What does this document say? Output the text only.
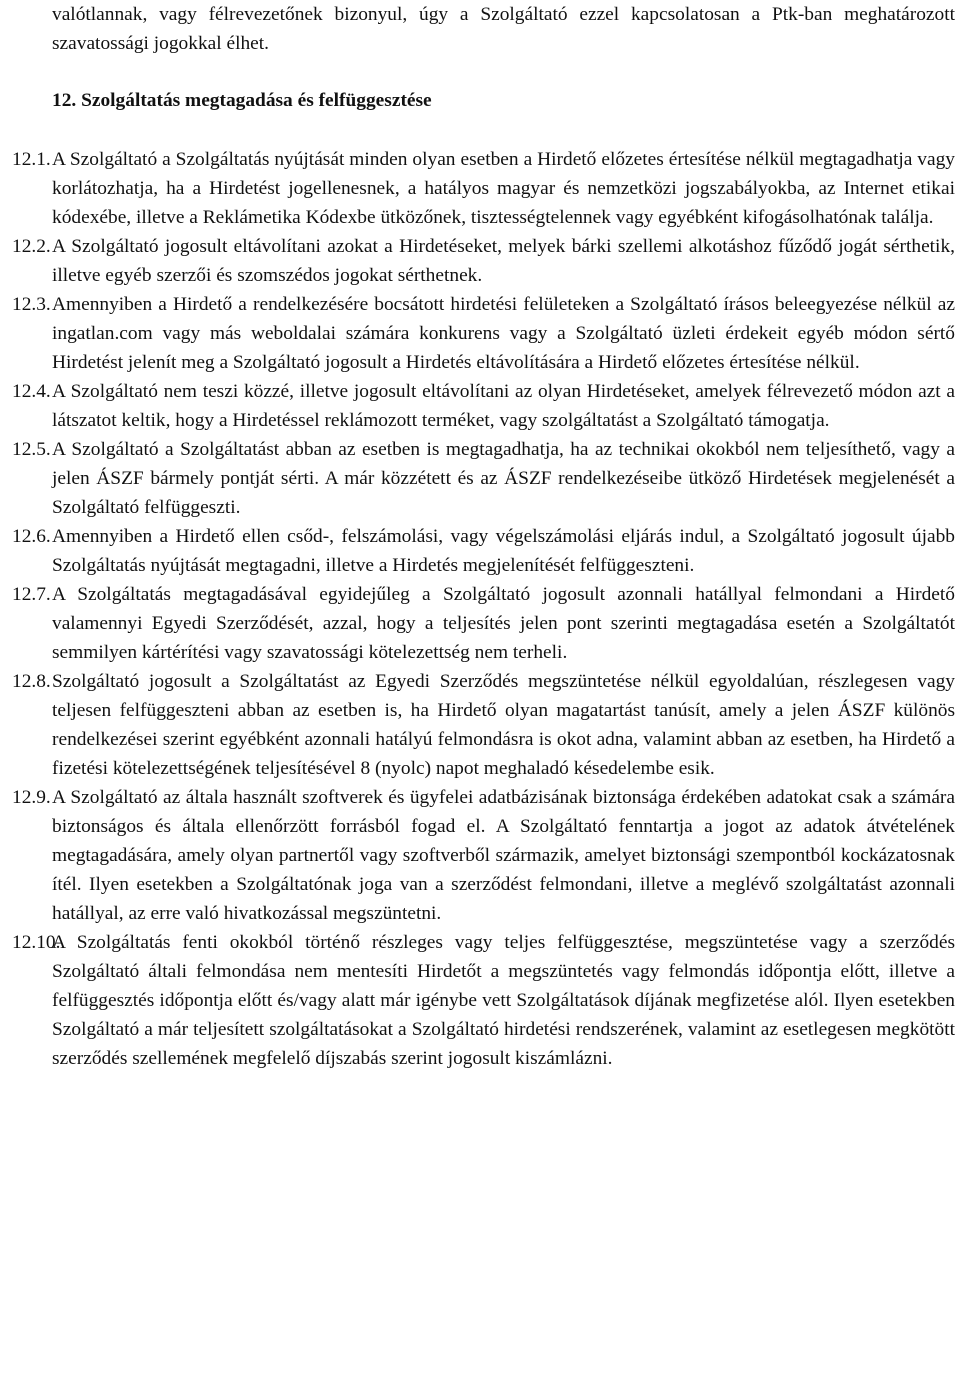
valótlannak, vagy félrevezetőnek bizonyul, úgy a Szolgáltató ezzel kapcsolatosan a Ptk-ban meghatározott szavatossági jogokkal élhet.
12. Szolgáltatás megtagadása és felfüggesztése
12.1. A Szolgáltató a Szolgáltatás nyújtását minden olyan esetben a Hirdető előzetes értesítése nélkül megtagadhatja vagy korlátozhatja, ha a Hirdetést jogellenesnek, a hatályos magyar és nemzetközi jogszabályokba, az Internet etikai kódexébe, illetve a Reklámetika Kódexbe ütközőnek, tisztességtelennek vagy egyébként kifogásolhatónak találja.
12.2. A Szolgáltató jogosult eltávolítani azokat a Hirdetéseket, melyek bárki szellemi alkotáshoz fűződő jogát sérthetik, illetve egyéb szerzői és szomszédos jogokat sérthetnek.
12.3. Amennyiben a Hirdető a rendelkezésére bocsátott hirdetési felületeken a Szolgáltató írásos beleegyezése nélkül az ingatlan.com vagy más weboldalai számára konkurens vagy a Szolgáltató üzleti érdekeit egyéb módon sértő Hirdetést jelenít meg a Szolgáltató jogosult a Hirdetés eltávolítására a Hirdető előzetes értesítése nélkül.
12.4. A Szolgáltató nem teszi közzé, illetve jogosult eltávolítani az olyan Hirdetéseket, amelyek félrevezető módon azt a látszatot keltik, hogy a Hirdetéssel reklámozott terméket, vagy szolgáltatást a Szolgáltató támogatja.
12.5. A Szolgáltató a Szolgáltatást abban az esetben is megtagadhatja, ha az technikai okokból nem teljesíthető, vagy a jelen ÁSZF bármely pontját sérti. A már közzétett és az ÁSZF rendelkezéseibe ütköző Hirdetések megjelenését a Szolgáltató felfüggeszti.
12.6. Amennyiben a Hirdető ellen csőd-, felszámolási, vagy végelszámolási eljárás indul, a Szolgáltató jogosult újabb Szolgáltatás nyújtását megtagadni, illetve a Hirdetés megjelenítését felfüggeszteni.
12.7. A Szolgáltatás megtagadásával egyidejűleg a Szolgáltató jogosult azonnali hatállyal felmondani a Hirdető valamennyi Egyedi Szerződését, azzal, hogy a teljesítés jelen pont szerinti megtagadása esetén a Szolgáltatót semmilyen kártérítési vagy szavatossági kötelezettség nem terheli.
12.8. Szolgáltató jogosult a Szolgáltatást az Egyedi Szerződés megszüntetése nélkül egyoldalúan, részlegesen vagy teljesen felfüggeszteni abban az esetben is, ha Hirdető olyan magatartást tanúsít, amely a jelen ÁSZF különös rendelkezései szerint egyébként azonnali hatályú felmondásra is okot adna, valamint abban az esetben, ha Hirdető a fizetési kötelezettségének teljesítésével 8 (nyolc) napot meghaladó késedelembe esik.
12.9. A Szolgáltató az általa használt szoftverek és ügyfelei adatbázisának biztonsága érdekében adatokat csak a számára biztonságos és általa ellenőrzött forrásból fogad el. A Szolgáltató fenntartja a jogot az adatok átvételének megtagadására, amely olyan partnertől vagy szoftverből származik, amelyet biztonsági szempontból kockázatosnak ítél. Ilyen esetekben a Szolgáltatónak joga van a szerződést felmondani, illetve a meglévő szolgáltatást azonnali hatállyal, az erre való hivatkozással megszüntetni.
12.10.
A Szolgáltatás fenti okokból történő részleges vagy teljes felfüggesztése, megszüntetése vagy a szerződés Szolgáltató általi felmondása nem mentesíti Hirdetőt a megszüntetés vagy felmondás időpontja előtt, illetve a felfüggesztés időpontja előtt és/vagy alatt már igénybe vett Szolgáltatások díjának megfizetése alól. Ilyen esetekben Szolgáltató a már teljesített szolgáltatásokat a Szolgáltató hirdetési rendszerének, valamint az esetlegesen megkötött szerződés szellemének megfelelő díjszabás szerint jogosult kiszámlázni.
